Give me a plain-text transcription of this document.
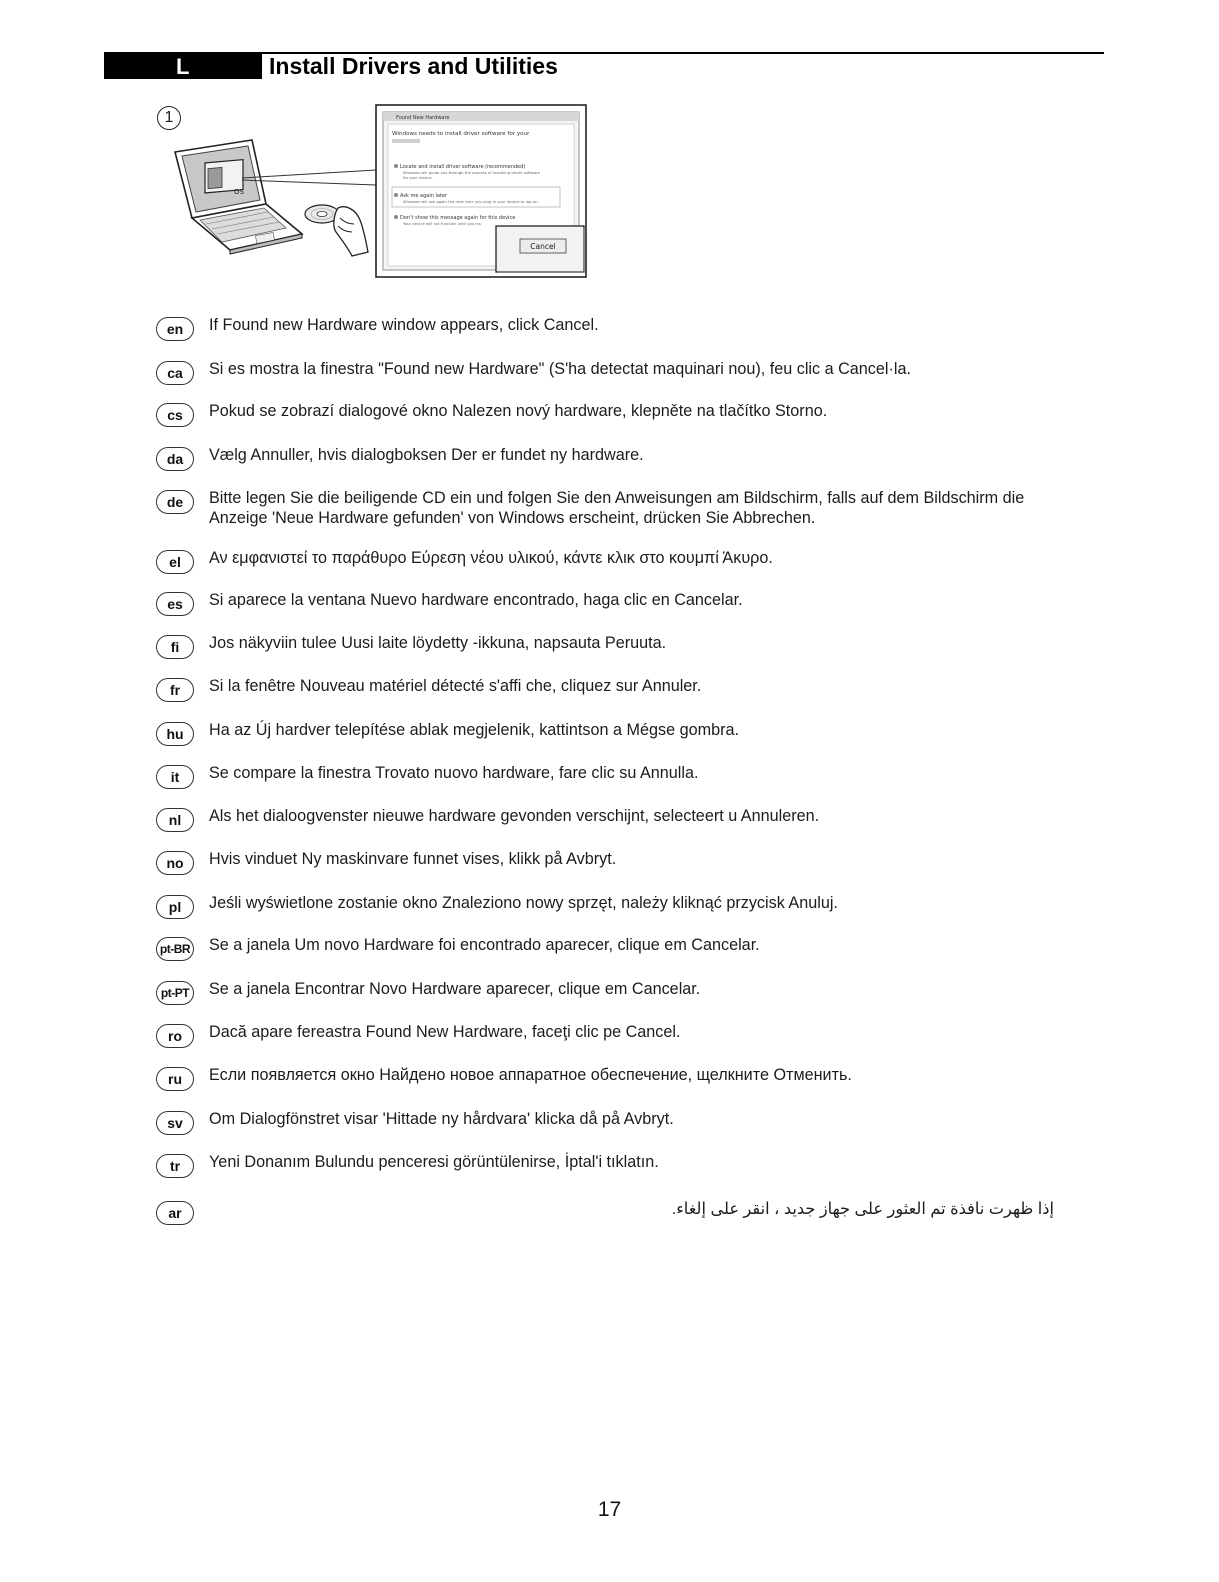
L	Install Drivers and Utilities
1
OS
Found New Hardware
Windows needs to install driver software for your
Locate and install driver software (recommended)
Windows will guide you through the process of installing driver software
for your device.
Ask me again later
Windows will ask again the next time you plug in your device or log on.
Don't show this message again for this device
Your device will not function until you ins
Cancel
en	If Found new Hardware window appears, click Cancel.
ca	Si es mostra la finestra "Found new Hardware" (S'ha detectat maquinari nou), feu clic a Cancel·la.
cs	Pokud se zobrazí dialogové okno Nalezen nový hardware, klepněte na tlačítko Storno.
da	Vælg Annuller, hvis dialogboksen Der er fundet ny hardware.
de	Bitte legen Sie die beiligende CD ein und folgen Sie den Anweisungen am Bildschirm, falls auf dem Bildschirm die Anzeige 'Neue Hardware gefunden' von Windows erscheint, drücken Sie Abbrechen.
el	Αν εμφανιστεί το παράθυρο Εύρεση νέου υλικού, κάντε κλικ στο κουμπί Άκυρο.
es	Si aparece la ventana Nuevo hardware encontrado, haga clic en Cancelar.
fi	Jos näkyviin tulee Uusi laite löydetty -ikkuna, napsauta Peruuta.
fr	Si la fenêtre Nouveau matériel détecté s'affi che, cliquez sur Annuler.
hu	Ha az Új hardver telepítése ablak megjelenik, kattintson a Mégse gombra.
it	Se compare la finestra Trovato nuovo hardware, fare clic su Annulla.
nl	Als het dialoogvenster nieuwe hardware gevonden verschijnt, selecteert u Annuleren.
no	Hvis vinduet Ny maskinvare funnet vises, klikk på Avbryt.
pl	Jeśli wyświetlone zostanie okno Znaleziono nowy sprzęt, należy kliknąć przycisk Anuluj.
pt-BR Se a janela Um novo Hardware foi encontrado aparecer, clique em Cancelar.
pt-PT	Se a janela Encontrar Novo Hardware aparecer, clique em Cancelar.
ro	Dacă apare fereastra Found New Hardware, faceţi clic pe Cancel.
ru	Если появляется окно Найдено новое аппаратное обеспечение, щелкните Отменить.
sv	Om Dialogfönstret visar 'Hittade ny hårdvara' klicka då på Avbryt.
tr	Yeni Donanım Bulundu penceresi görüntülenirse, İptal'i tıklatın.
ar	إذا ظهرت نافذة تم العثور على جهاز جديد ، انقر على إلغاء.
17
